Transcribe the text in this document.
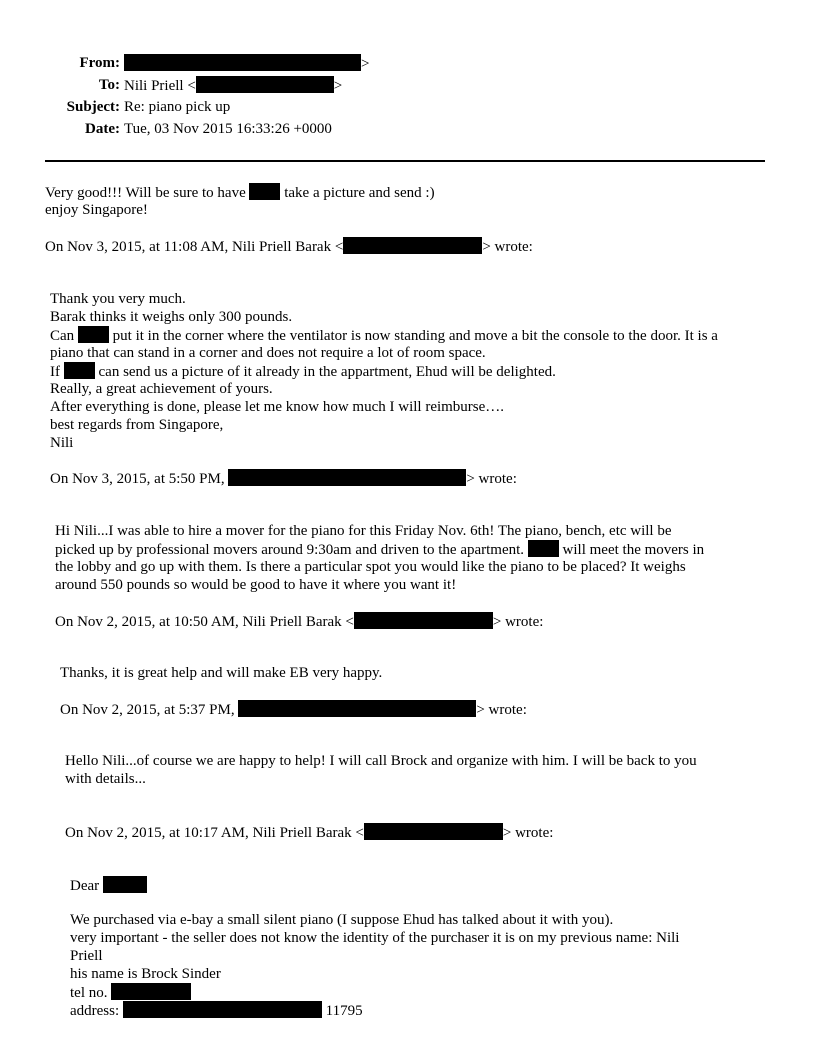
From:	>
To: Nili Priell <	>
Subject: Re: piano pick up
Date: Tue, 03 Nov 2015 16:33:26 +0000
Very good!!! Will be sure to have  take a picture and send :)
enjoy Singapore!
On Nov 3, 2015, at 11:08 AM, Nili Priell Barak <	> wrote:
Thank you very much.
Barak thinks it weighs only 300 pounds.
Can  put it in the corner where the ventilator is now standing and move a bit the console to the door. It is a
piano that can stand in a corner and does not require a lot of room space.
If  can send us a picture of it already in the appartment, Ehud will be delighted.
Really, a great achievement of yours.
After everything is done, please let me know how much I will reimburse….
best regards from Singapore,
Nili
On Nov 3, 2015, at 5:50 PM,	> wrote:
Hi Nili...I was able to hire a mover for the piano for this Friday Nov. 6th! The piano, bench, etc will be
picked up by professional movers around 9:30am and driven to the apartment.  will meet the movers in
the lobby and go up with them. Is there a particular spot you would like the piano to be placed? It weighs
around 550 pounds so would be good to have it where you want it!
On Nov 2, 2015, at 10:50 AM, Nili Priell Barak <	> wrote:
Thanks, it is great help and will make EB very happy.
On Nov 2, 2015, at 5:37 PM,	> wrote:
Hello Nili...of course we are happy to help! I will call Brock and organize with him. I will be back to you
with details...
On Nov 2, 2015, at 10:17 AM, Nili Priell Barak <	> wrote:
Dear
We purchased via e-bay a small silent piano (I suppose Ehud has talked about it with you).
very important - the seller does not know the identity of the purchaser it is on my previous name: Nili
Priell
his name is Brock Sinder
tel no.
address:	11795
